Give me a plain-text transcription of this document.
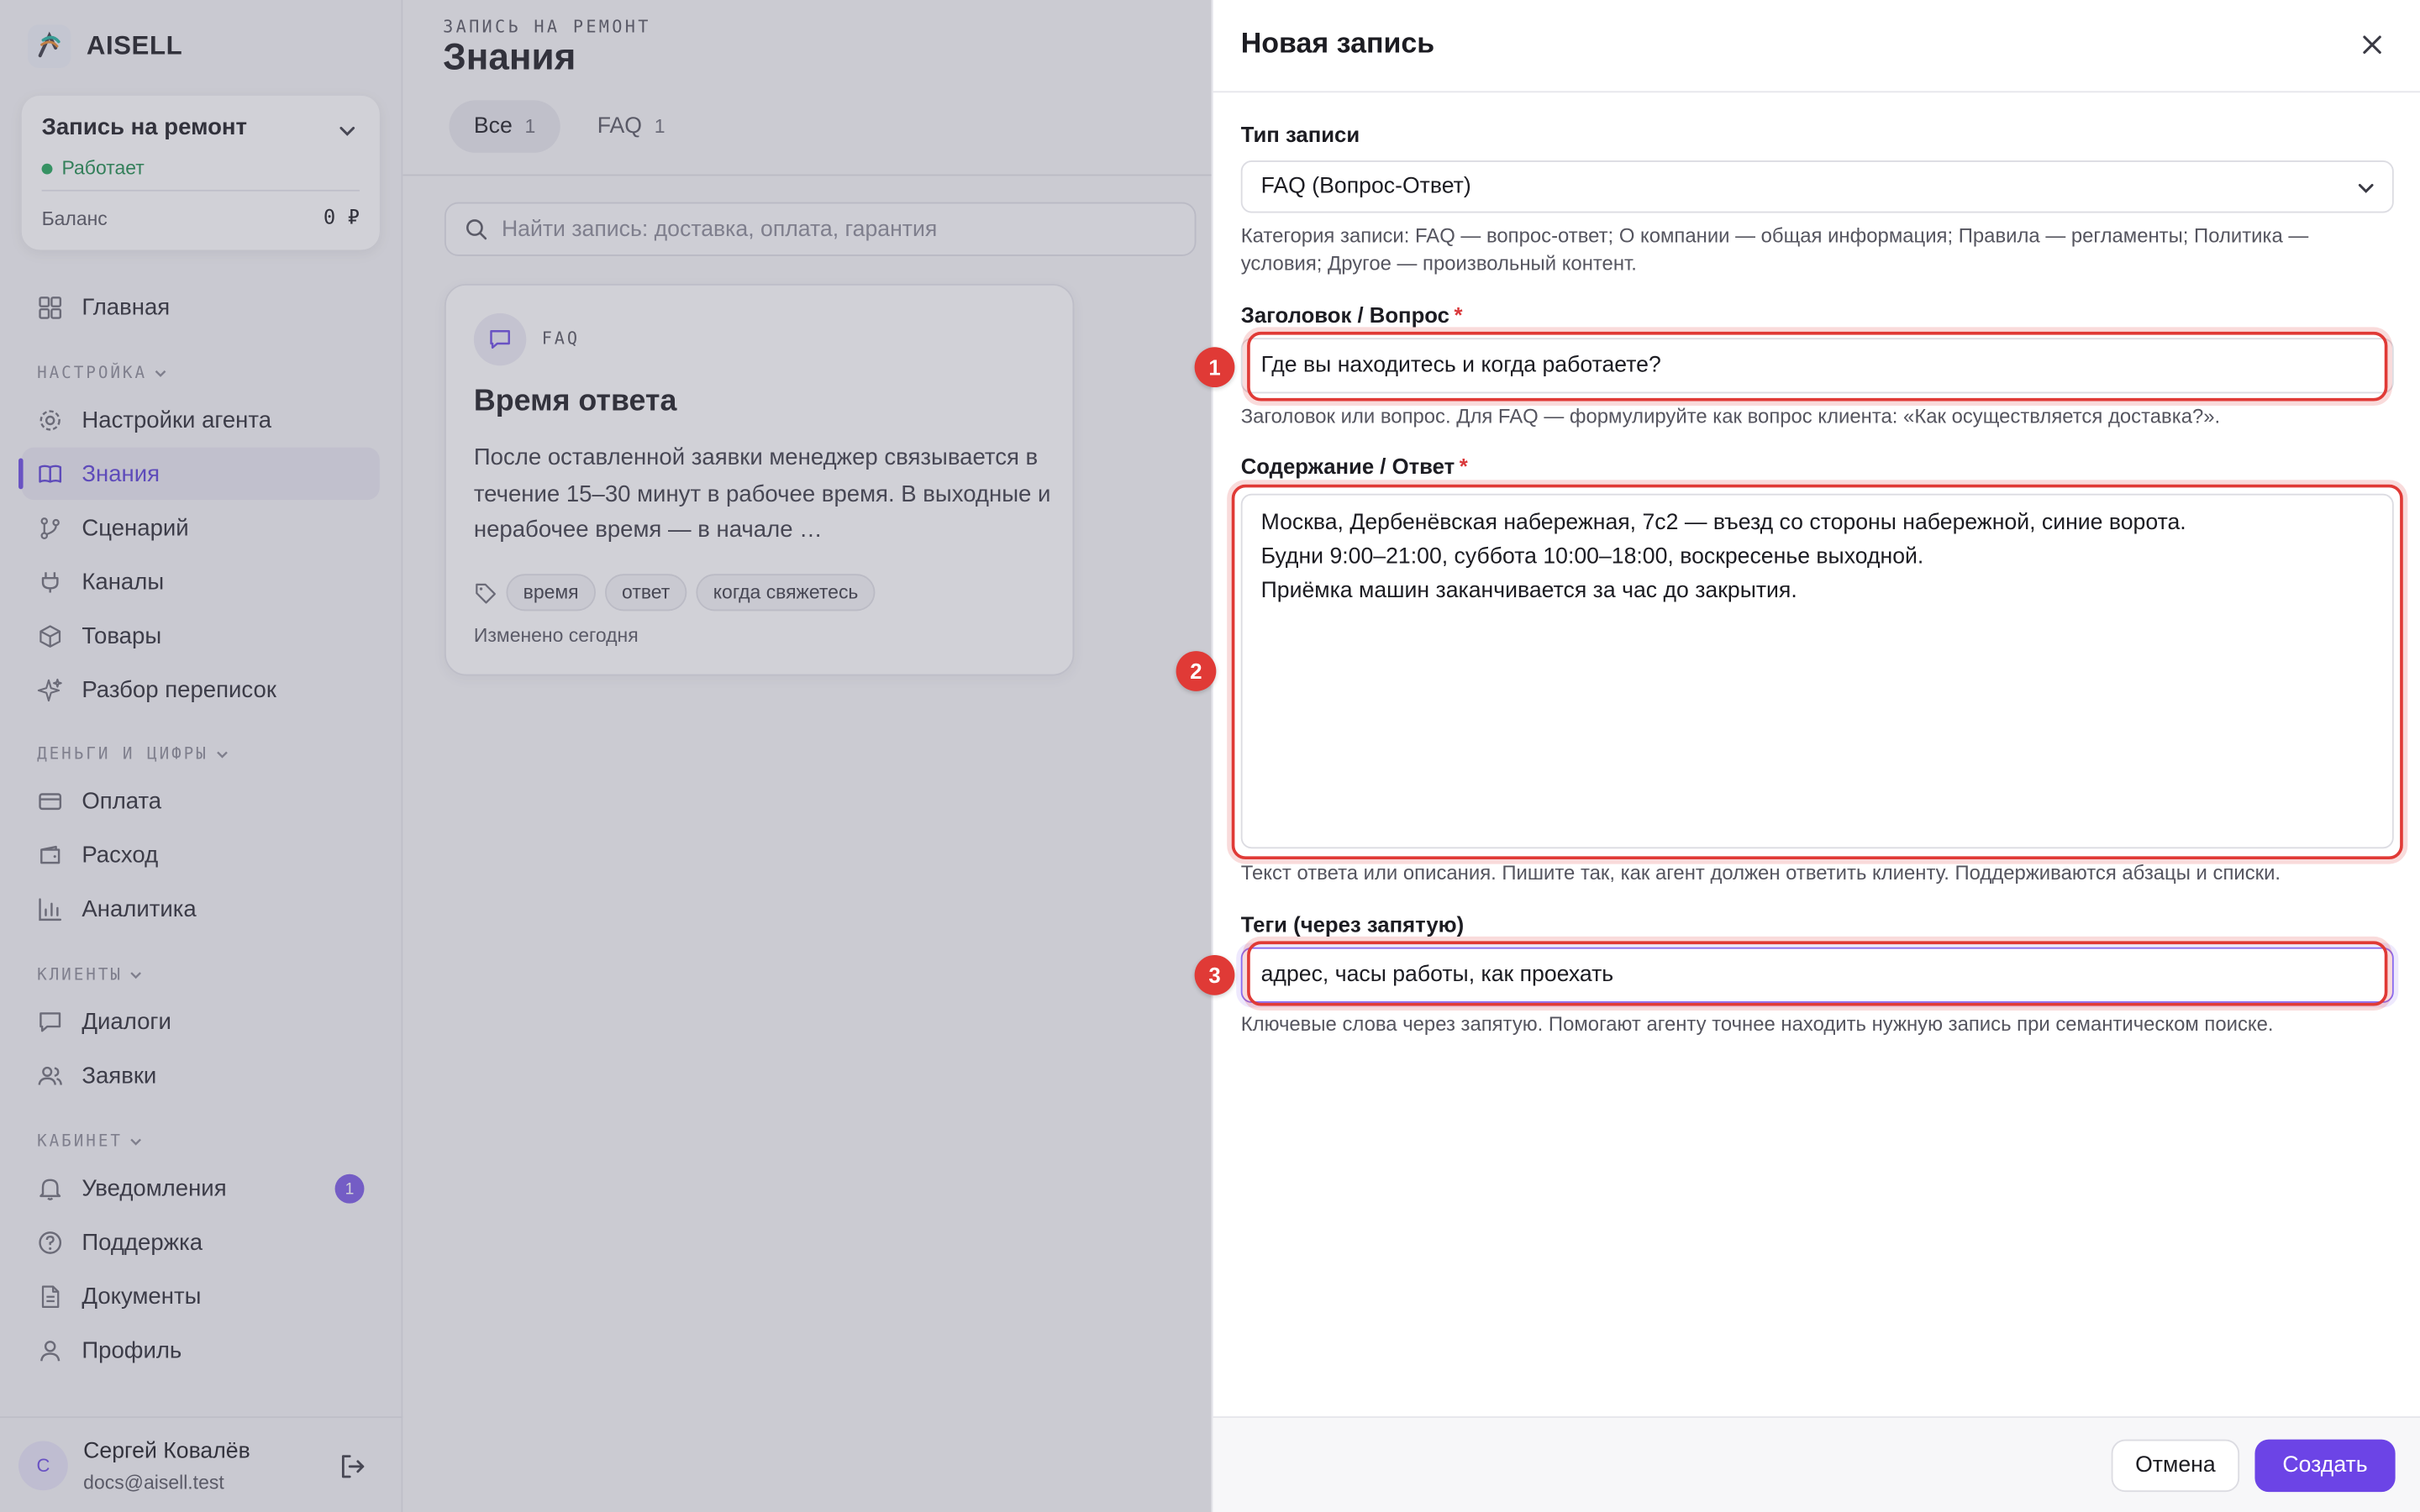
AISELL
Запись на ремонт
Работает
Баланс	0 ₽
Главная
НАСТРОЙКА
Настройки агента
Знания
Сценарий
Каналы
Товары
Разбор переписок
ДЕНЬГИ И ЦИФРЫ
Оплата
Расход
Аналитика
КЛИЕНТЫ
Диалоги
Заявки
КАБИНЕТ
Уведомления	1
Поддержка
Документы
Профиль
С
Сергей Ковалёв
docs@aisell.test
ЗАПИСЬ НА РЕМОНТ
Знания
Все 1	FAQ 1
Найти запись: доставка, оплата, гарантия
FAQ
Время ответа
После оставленной заявки менеджер связывается в течение 15–30 минут в рабочее время. В выходные и нерабочее время — в начале …
время	ответ	когда свяжетесь
Изменено сегодня
Новая запись
Тип записи
FAQ (Вопрос-Ответ)
Категория записи: FAQ — вопрос-ответ; О компании — общая информация; Правила — регламенты; Политика — условия; Другое — произвольный контент.
Заголовок / Вопрос *
Где вы находитесь и когда работаете?
Заголовок или вопрос. Для FAQ — формулируйте как вопрос клиента: «Как осуществляется доставка?».
Содержание / Ответ *
Москва, Дербенёвская набережная, 7с2 — въезд со стороны набережной, синие ворота.
Будни 9:00–21:00, суббота 10:00–18:00, воскресенье выходной.
Приёмка машин заканчивается за час до закрытия.
Текст ответа или описания. Пишите так, как агент должен ответить клиенту. Поддерживаются абзацы и списки.
Теги (через запятую)
адрес, часы работы, как проехать
Ключевые слова через запятую. Помогают агенту точнее находить нужную запись при семантическом поиске.
1
2
3
Отмена	Создать
